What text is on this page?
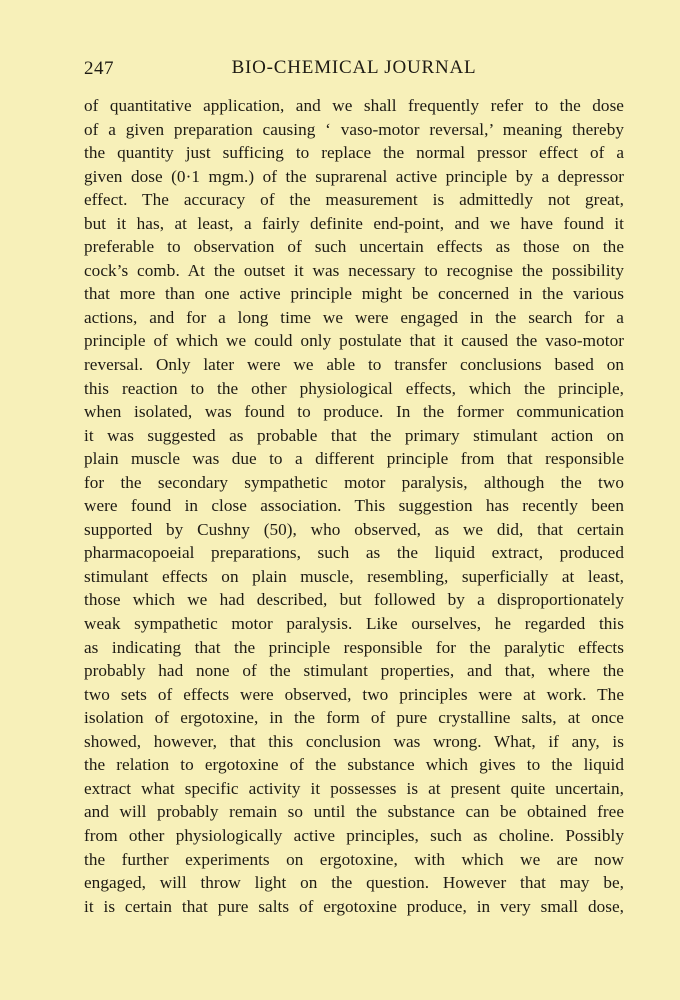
247	BIO-CHEMICAL JOURNAL
of quantitative application, and we shall frequently refer to the dose
of a given preparation causing ‘ vaso-motor reversal,’ meaning thereby
the quantity just sufficing to replace the normal pressor effect of a
given dose (0·1 mgm.) of the suprarenal active principle by a depressor
effect. The accuracy of the measurement is admittedly not great,
but it has, at least, a fairly definite end-point, and we have found it
preferable to observation of such uncertain effects as those on the
cock’s comb. At the outset it was necessary to recognise the possibility
that more than one active principle might be concerned in the various
actions, and for a long time we were engaged in the search for a
principle of which we could only postulate that it caused the vaso-motor
reversal. Only later were we able to transfer conclusions based on
this reaction to the other physiological effects, which the principle,
when isolated, was found to produce. In the former communication
it was suggested as probable that the primary stimulant action on
plain muscle was due to a different principle from that responsible
for the secondary sympathetic motor paralysis, although the two
were found in close association. This suggestion has recently been
supported by Cushny (50), who observed, as we did, that certain
pharmacopoeial preparations, such as the liquid extract, produced
stimulant effects on plain muscle, resembling, superficially at least,
those which we had described, but followed by a disproportionately
weak sympathetic motor paralysis. Like ourselves, he regarded this
as indicating that the principle responsible for the paralytic effects
probably had none of the stimulant properties, and that, where the
two sets of effects were observed, two principles were at work. The
isolation of ergotoxine, in the form of pure crystalline salts, at once
showed, however, that this conclusion was wrong. What, if any, is
the relation to ergotoxine of the substance which gives to the liquid
extract what specific activity it possesses is at present quite uncertain,
and will probably remain so until the substance can be obtained free
from other physiologically active principles, such as choline. Possibly
the further experiments on ergotoxine, with which we are now
engaged, will throw light on the question. However that may be,
it is certain that pure salts of ergotoxine produce, in very small dose,
